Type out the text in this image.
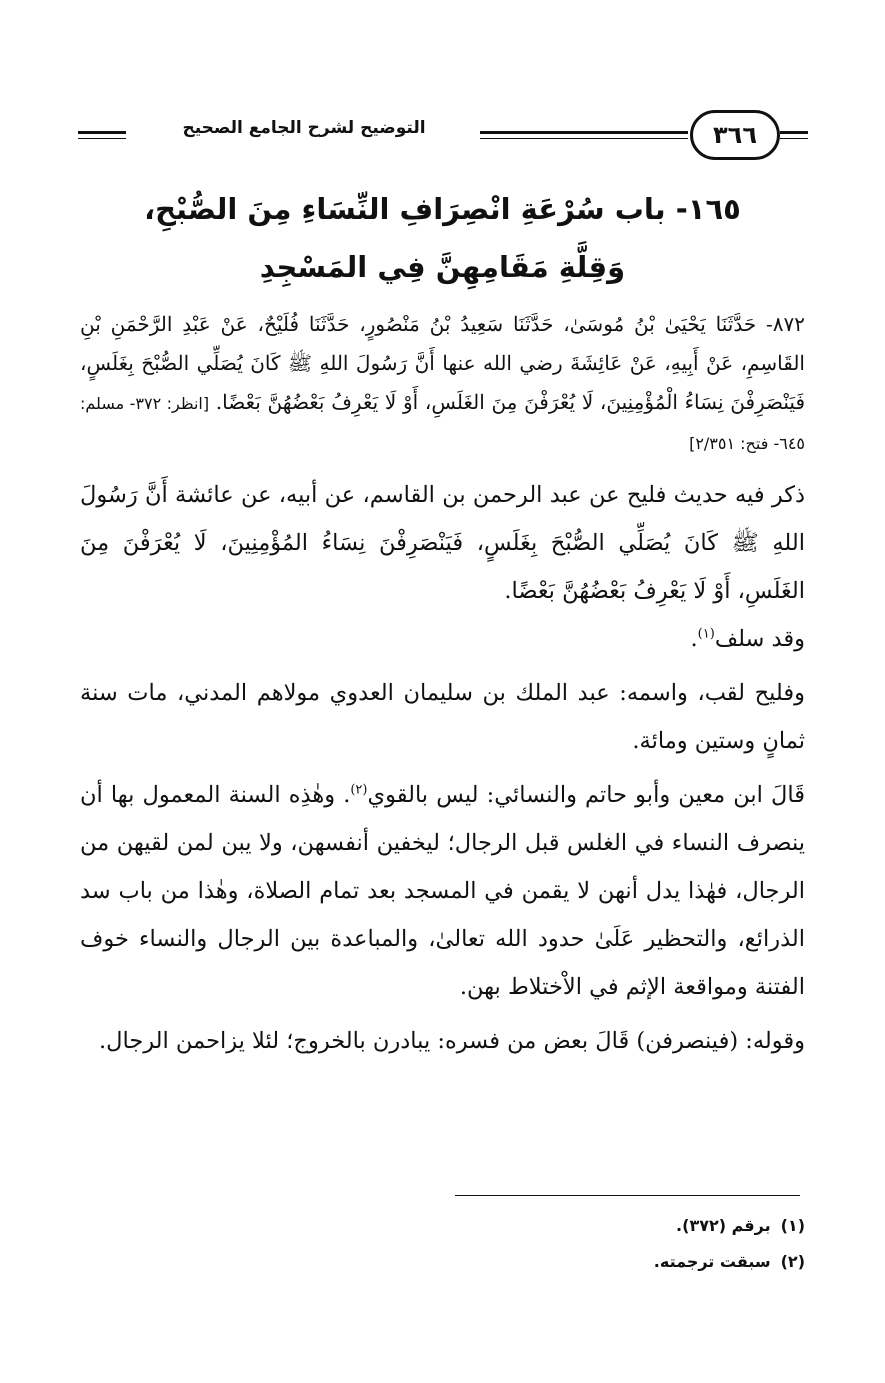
التوضيح لشرح الجامع الصحيح	٣٦٦
١٦٥- باب سُرْعَةِ انْصِرَافِ النِّسَاءِ مِنَ الصُّبْحِ،
وَقِلَّةِ مَقَامِهِنَّ فِي المَسْجِدِ

٨٧٢- حَدَّثَنَا يَحْيَىٰ بْنُ مُوسَىٰ، حَدَّثَنَا سَعِيدُ بْنُ مَنْصُورٍ، حَدَّثَنَا فُلَيْحٌ، عَنْ عَبْدِ الرَّحْمَنِ بْنِ القَاسِمِ، عَنْ أَبِيهِ، عَنْ عَائِشَةَ رضي الله عنها أَنَّ رَسُولَ اللهِ ﷺ كَانَ يُصَلِّي الصُّبْحَ بِغَلَسٍ، فَيَنْصَرِفْنَ نِسَاءُ الْمُؤْمِنِينَ، لَا يُعْرَفْنَ مِنَ الغَلَسِ، أَوْ لَا يَعْرِفُ بَعْضُهُنَّ بَعْضًا. [انظر: ٣٧٢- مسلم: ٦٤٥- فتح: ٢/٣٥١]

ذكر فيه حديث فليح عن عبد الرحمن بن القاسم، عن أبيه، عن عائشة أَنَّ رَسُولَ اللهِ ﷺ كَانَ يُصَلِّي الصُّبْحَ بِغَلَسٍ، فَيَنْصَرِفْنَ نِسَاءُ المُؤْمِنِينَ، لَا يُعْرَفْنَ مِنَ الغَلَسِ، أَوْ لَا يَعْرِفُ بَعْضُهُنَّ بَعْضًا.

وقد سلف$^{(١)}$.

وفليح لقب، واسمه: عبد الملك بن سليمان العدوي مولاهم المدني، مات سنة ثمانٍ وستين ومائة.

قَالَ ابن معين وأبو حاتم والنسائي: ليس بالقوي$^{(٢)}$. وهٰذِه السنة المعمول بها أن ينصرف النساء في الغلس قبل الرجال؛ ليخفين أنفسهن، ولا يبن لمن لقيهن من الرجال، فهٰذا يدل أنهن لا يقمن في المسجد بعد تمام الصلاة، وهٰذا من باب سد الذرائع، والتحظير عَلَىٰ حدود الله تعالىٰ، والمباعدة بين الرجال والنساء خوف الفتنة ومواقعة الإثم في الاْختلاط بهن.

وقوله: (فينصرفن) قَالَ بعض من فسره: يبادرن بالخروج؛ لئلا يزاحمن الرجال.

(١)برقم (٣٧٢).
(٢)سبقت ترجمته.
